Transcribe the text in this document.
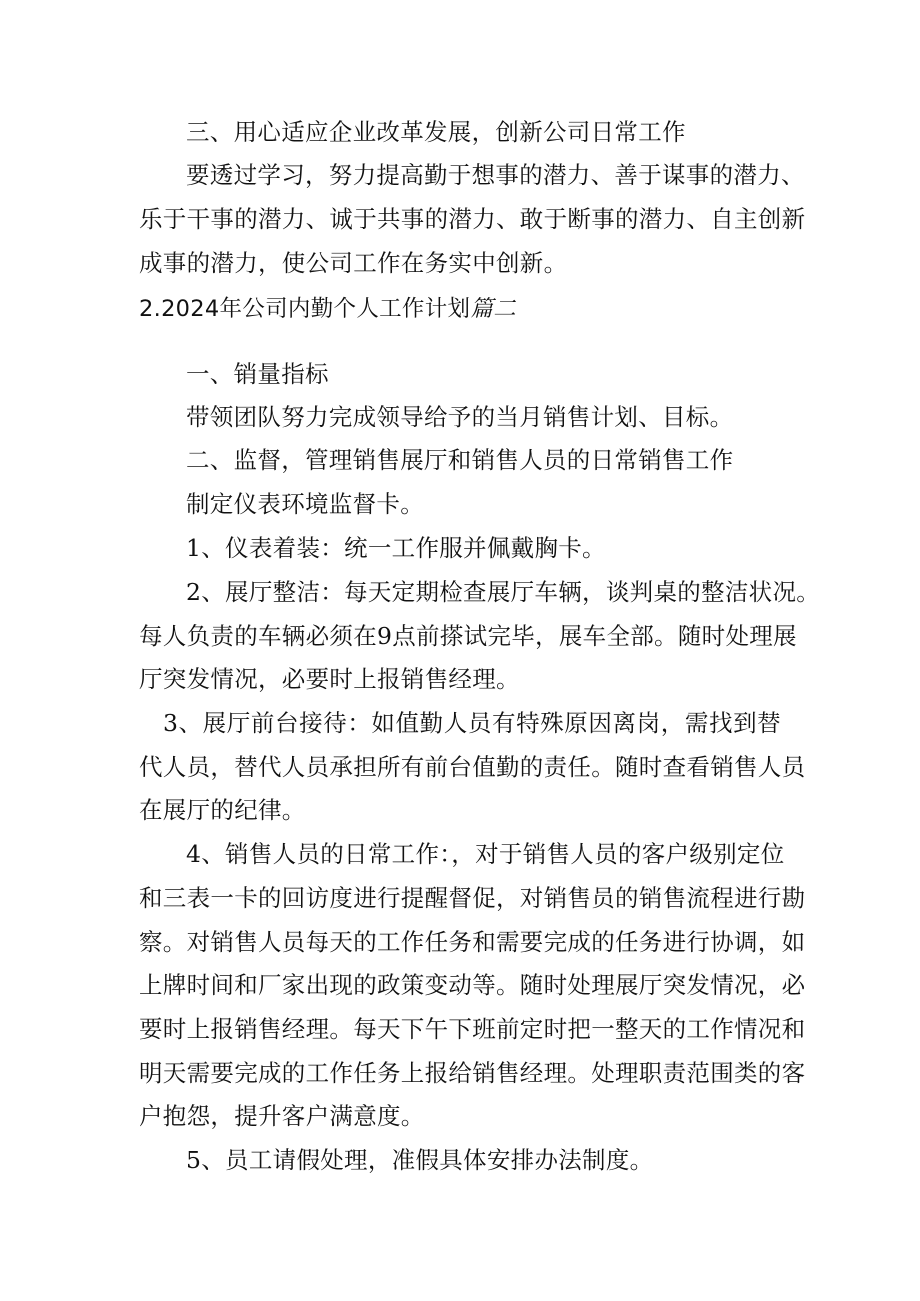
三、用心适应企业改革发展，创新公司日常工作
要透过学习，努力提高勤于想事的潜力、善于谋事的潜力、
乐于干事的潜力、诚于共事的潜力、敢于断事的潜力、自主创新
成事的潜力，使公司工作在务实中创新。
2.2024年公司内勤个人工作计划篇二
一、销量指标
带领团队努力完成领导给予的当月销售计划、目标。
二、监督，管理销售展厅和销售人员的日常销售工作
制定仪表环境监督卡。
1、仪表着装：统一工作服并佩戴胸卡。
2、展厅整洁：每天定期检查展厅车辆，谈判桌的整洁状况。
每人负责的车辆必须在9点前搽试完毕，展车全部。随时处理展
厅突发情况，必要时上报销售经理。
3、展厅前台接待：如值勤人员有特殊原因离岗，需找到替
代人员，替代人员承担所有前台值勤的责任。随时查看销售人员
在展厅的纪律。
4、销售人员的日常工作：，对于销售人员的客户级别定位
和三表一卡的回访度进行提醒督促，对销售员的销售流程进行勘
察。对销售人员每天的工作任务和需要完成的任务进行协调，如
上牌时间和厂家出现的政策变动等。随时处理展厅突发情况，必
要时上报销售经理。每天下午下班前定时把一整天的工作情况和
明天需要完成的工作任务上报给销售经理。处理职责范围类的客
户抱怨，提升客户满意度。
5、员工请假处理，准假具体安排办法制度。
